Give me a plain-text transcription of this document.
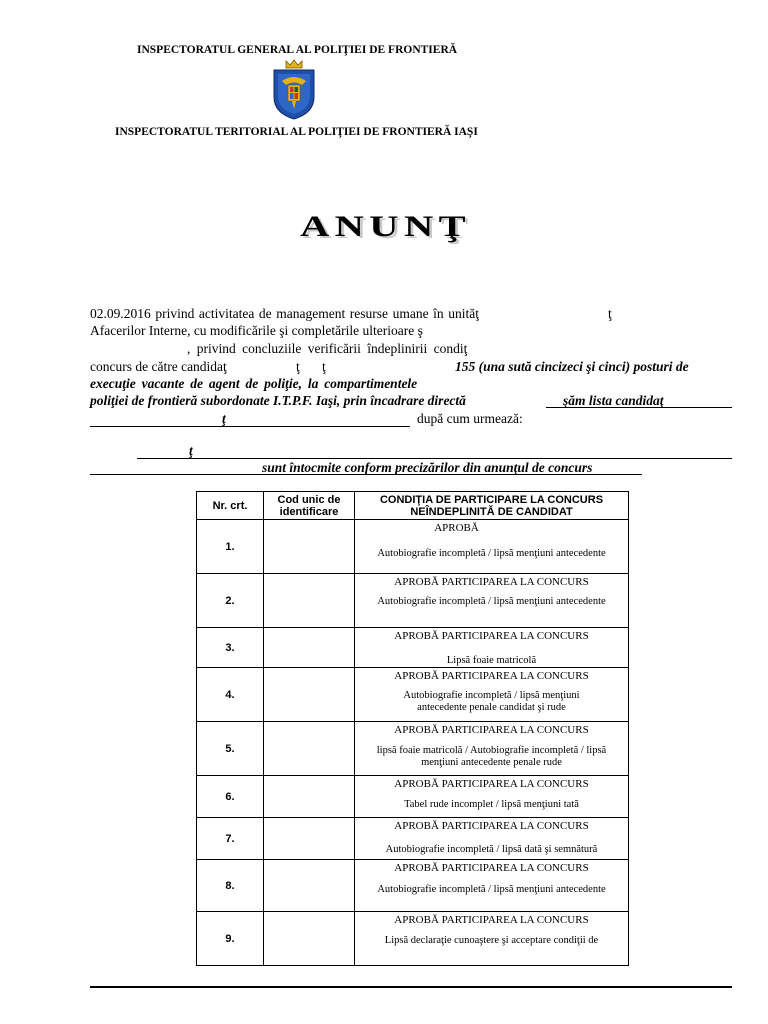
INSPECTORATUL GENERAL AL POLIŢIEI DE FRONTIERĂ
INSPECTORATUL TERITORIAL AL POLIŢIEI DE FRONTIERĂ IAŞI
ANUNŢ
02.09.2016 privind activitatea de management resurse umane în unităţ	ţ
Afacerilor Interne, cu modificările şi completările ulterioare ş
, privind concluziile verificării îndeplinirii condiţ
concurs de către candidaţ	ţ ţ	155 (una sută cincizeci şi cinci) posturi de
execuţie vacante de agent de poliţie, la compartimentele
poliţiei de frontieră subordonate I.T.P.F. Iaşi, prin încadrare directă	şăm lista candidaţ
ţ	după cum urmează:
ţ
sunt întocmite conform precizărilor din anunţul de concurs
Nr. crt.	Cod unic de identificare	CONDIŢIA DE PARTICIPARE LA CONCURS NEÎNDEPLINITĂ DE CANDIDAT
1.		APROBĂ
Autobiografie incompletă / lipsă menţiuni antecedente

2.		APROBĂ PARTICIPAREA LA CONCURS
Autobiografie incompletă / lipsă menţiuni antecedente

3.		APROBĂ PARTICIPAREA LA CONCURS
Lipsă foaie matricolă

4.		APROBĂ PARTICIPAREA LA CONCURS
Autobiografie incompletă / lipsă menţiuni antecedente penale candidat şi rude

5.		APROBĂ PARTICIPAREA LA CONCURS
lipsă foaie matricolă / Autobiografie incompletă / lipsă menţiuni antecedente penale rude

6.		APROBĂ PARTICIPAREA LA CONCURS
Tabel rude incomplet / lipsă menţiuni tată

7.		APROBĂ PARTICIPAREA LA CONCURS
Autobiografie incompletă / lipsă dată şi semnătură

8.		APROBĂ PARTICIPAREA LA CONCURS
Autobiografie incompletă / lipsă menţiuni antecedente

9.		APROBĂ PARTICIPAREA LA CONCURS
Lipsă declaraţie cunoaştere şi acceptare condiţii de
